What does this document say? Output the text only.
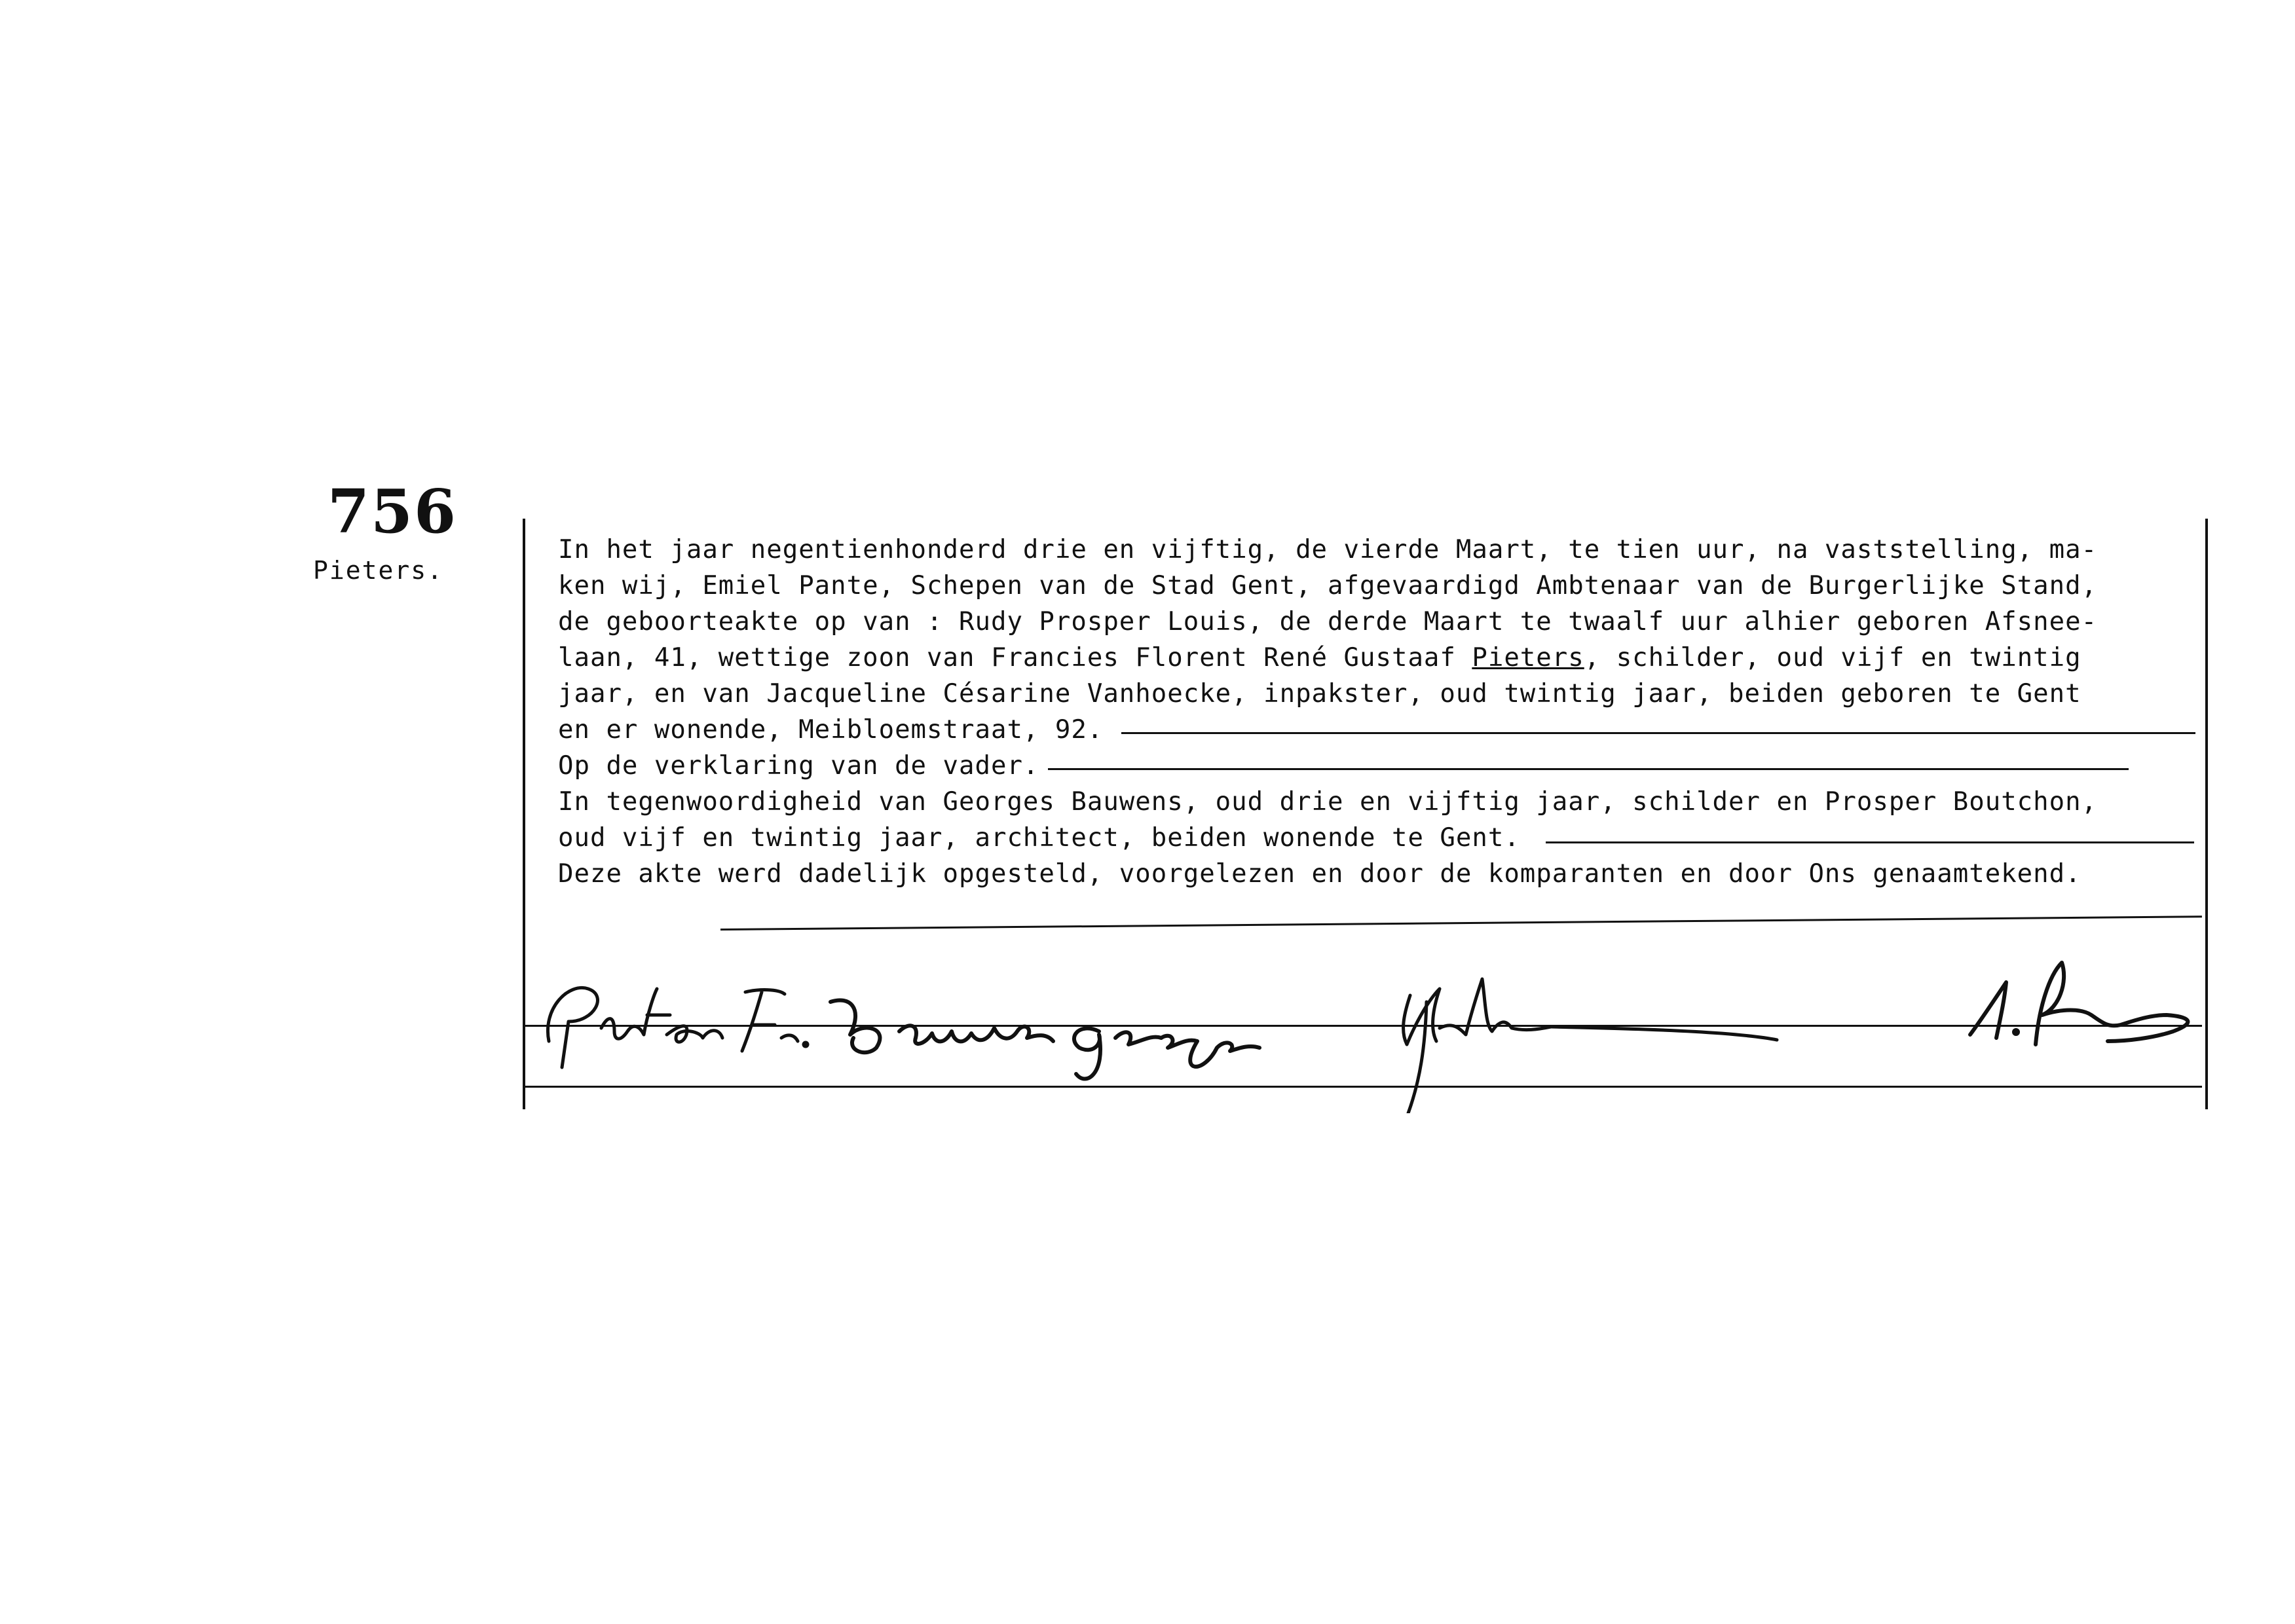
756
Pieters.
In het jaar negentienhonderd drie en vijftig, de vierde Maart, te tien uur, na vaststelling, ma-
ken wij, Emiel Pante, Schepen van de Stad Gent, afgevaardigd Ambtenaar van de Burgerlijke Stand,
de geboorteakte op van : Rudy Prosper Louis, de derde Maart te twaalf uur alhier geboren Afsnee-
laan, 41, wettige zoon van Francies Florent René Gustaaf Pieters, schilder, oud vijf en twintig
jaar, en van Jacqueline Césarine Vanhoecke, inpakster, oud twintig jaar, beiden geboren te Gent
en er wonende, Meibloemstraat, 92.
Op de verklaring van de vader.
In tegenwoordigheid van Georges Bauwens, oud drie en vijftig jaar, schilder en Prosper Boutchon,
oud vijf en twintig jaar, architect, beiden wonende te Gent.
Deze akte werd dadelijk opgesteld, voorgelezen en door de komparanten en door Ons genaamtekend.
